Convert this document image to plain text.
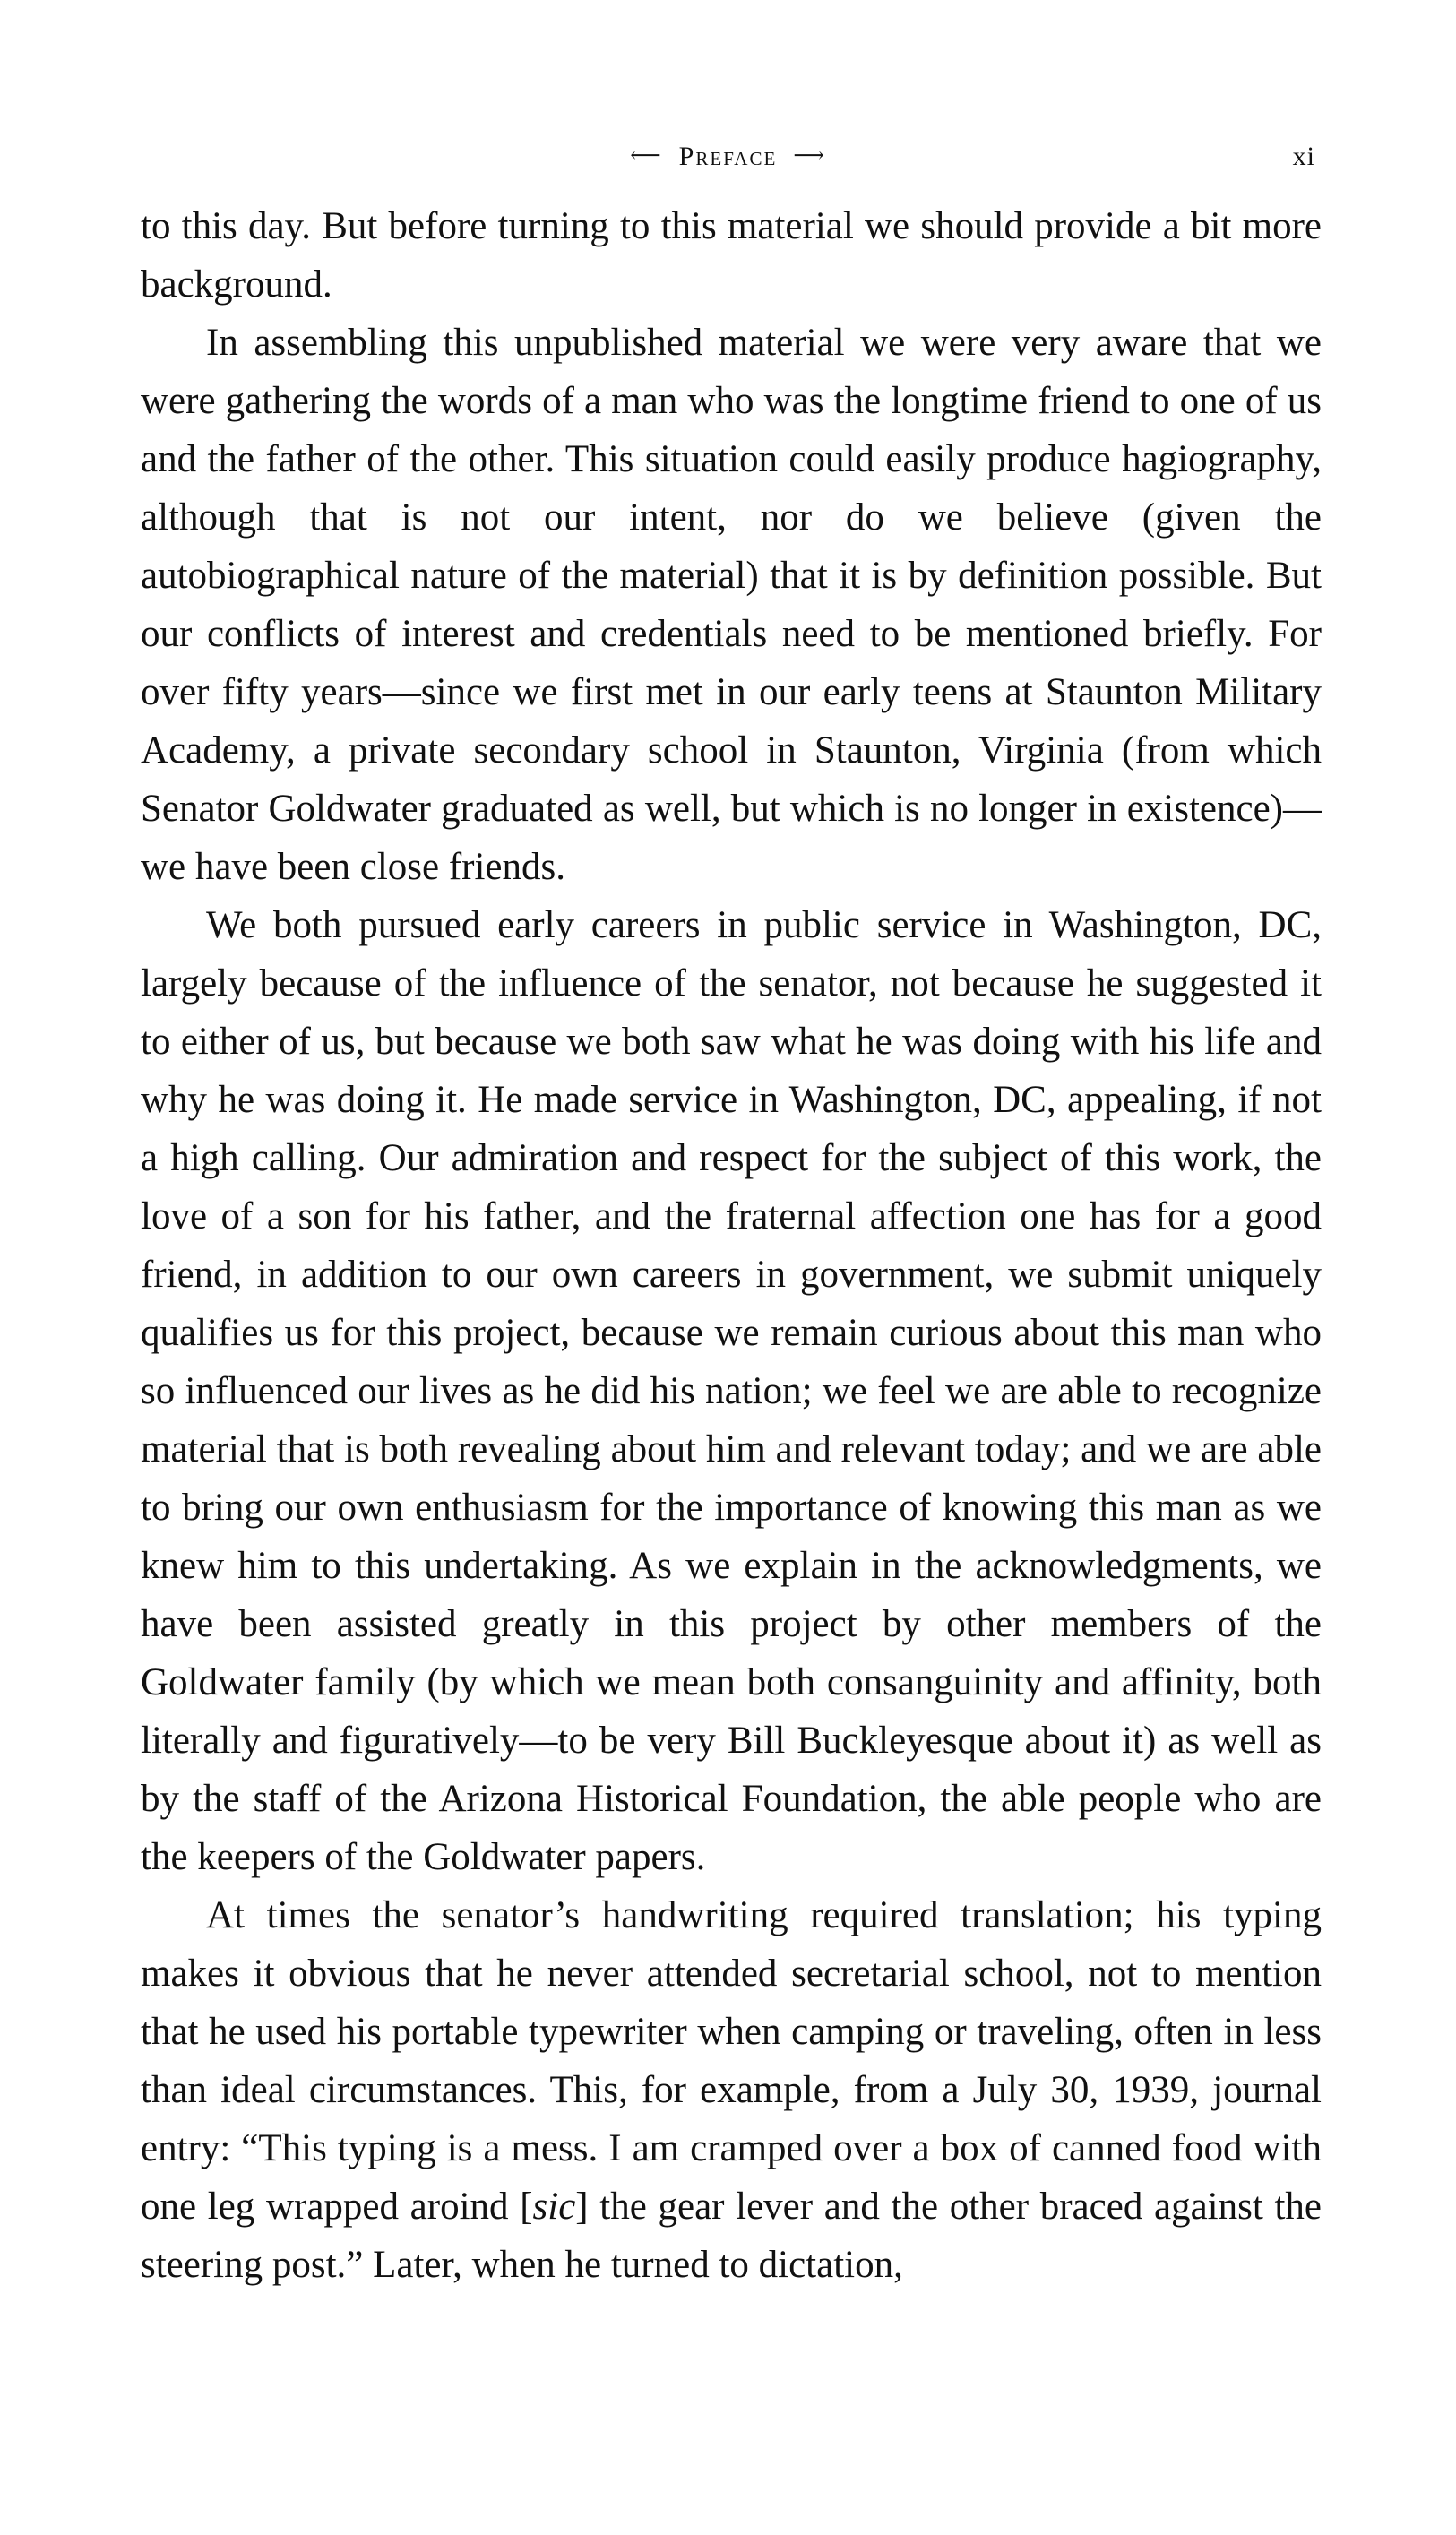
⟵ Preface ⟶	xi

to this day. But before turning to this material we should provide a bit more background.

In assembling this unpublished material we were very aware that we were gathering the words of a man who was the longtime friend to one of us and the father of the other. This situation could easily produce hagiography, although that is not our intent, nor do we believe (given the autobiographical nature of the material) that it is by definition possible. But our conflicts of interest and credentials need to be mentioned briefly. For over fifty years—since we first met in our early teens at Staunton Military Academy, a private secondary school in Staunton, Virginia (from which Senator Goldwater graduated as well, but which is no longer in existence)—we have been close friends.

We both pursued early careers in public service in Washington, DC, largely because of the influence of the senator, not because he suggested it to either of us, but because we both saw what he was doing with his life and why he was doing it. He made service in Washington, DC, appealing, if not a high calling. Our admiration and respect for the subject of this work, the love of a son for his father, and the fraternal affection one has for a good friend, in addition to our own careers in government, we submit uniquely qualifies us for this project, because we remain curious about this man who so influenced our lives as he did his nation; we feel we are able to recognize material that is both revealing about him and relevant today; and we are able to bring our own enthusiasm for the importance of knowing this man as we knew him to this undertaking. As we explain in the acknowledgments, we have been assisted greatly in this project by other members of the Goldwater family (by which we mean both consanguinity and affinity, both literally and figuratively—to be very Bill Buckleyesque about it) as well as by the staff of the Arizona Historical Foundation, the able people who are the keepers of the Goldwater papers.

At times the senator’s handwriting required translation; his typing makes it obvious that he never attended secretarial school, not to mention that he used his portable typewriter when camping or traveling, often in less than ideal circumstances. This, for example, from a July 30, 1939, journal entry: “This typing is a mess. I am cramped over a box of canned food with one leg wrapped aroind [sic] the gear lever and the other braced against the steering post.” Later, when he turned to dictation,
